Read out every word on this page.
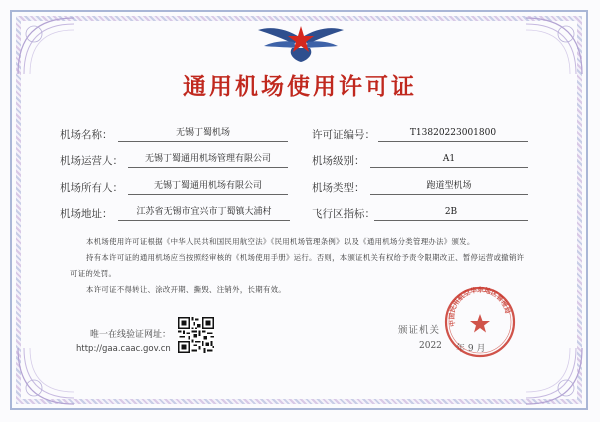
通用机场使用许可证
机场名称：	无锡丁蜀机场
机场运营人：	无锡丁蜀通用机场管理有限公司
机场所有人：	无锡丁蜀通用机场有限公司
机场地址：	江苏省无锡市宜兴市丁蜀镇大浦村
许可证编号：	T13820223001800
机场级别：	A1
机场类型：	跑道型机场
飞行区指标：	2B
本机场使用许可证根据《中华人民共和国民用航空法》《民用机场管理条例》以及《通用机场分类管理办法》颁发。
持有本许可证的通用机场应当按照经审核的《机场使用手册》运行。否则，本颁证机关有权给予责令限期改正、暂停运营或撤销许可证的处罚。
本许可证不得转让、涂改开期、撕毁、注销外，长期有效。
唯一在线验证网址：
http://gaa.caac.gov.cn
颁证机关
2022 年 9 月
中国民用航空华东地区管理局
